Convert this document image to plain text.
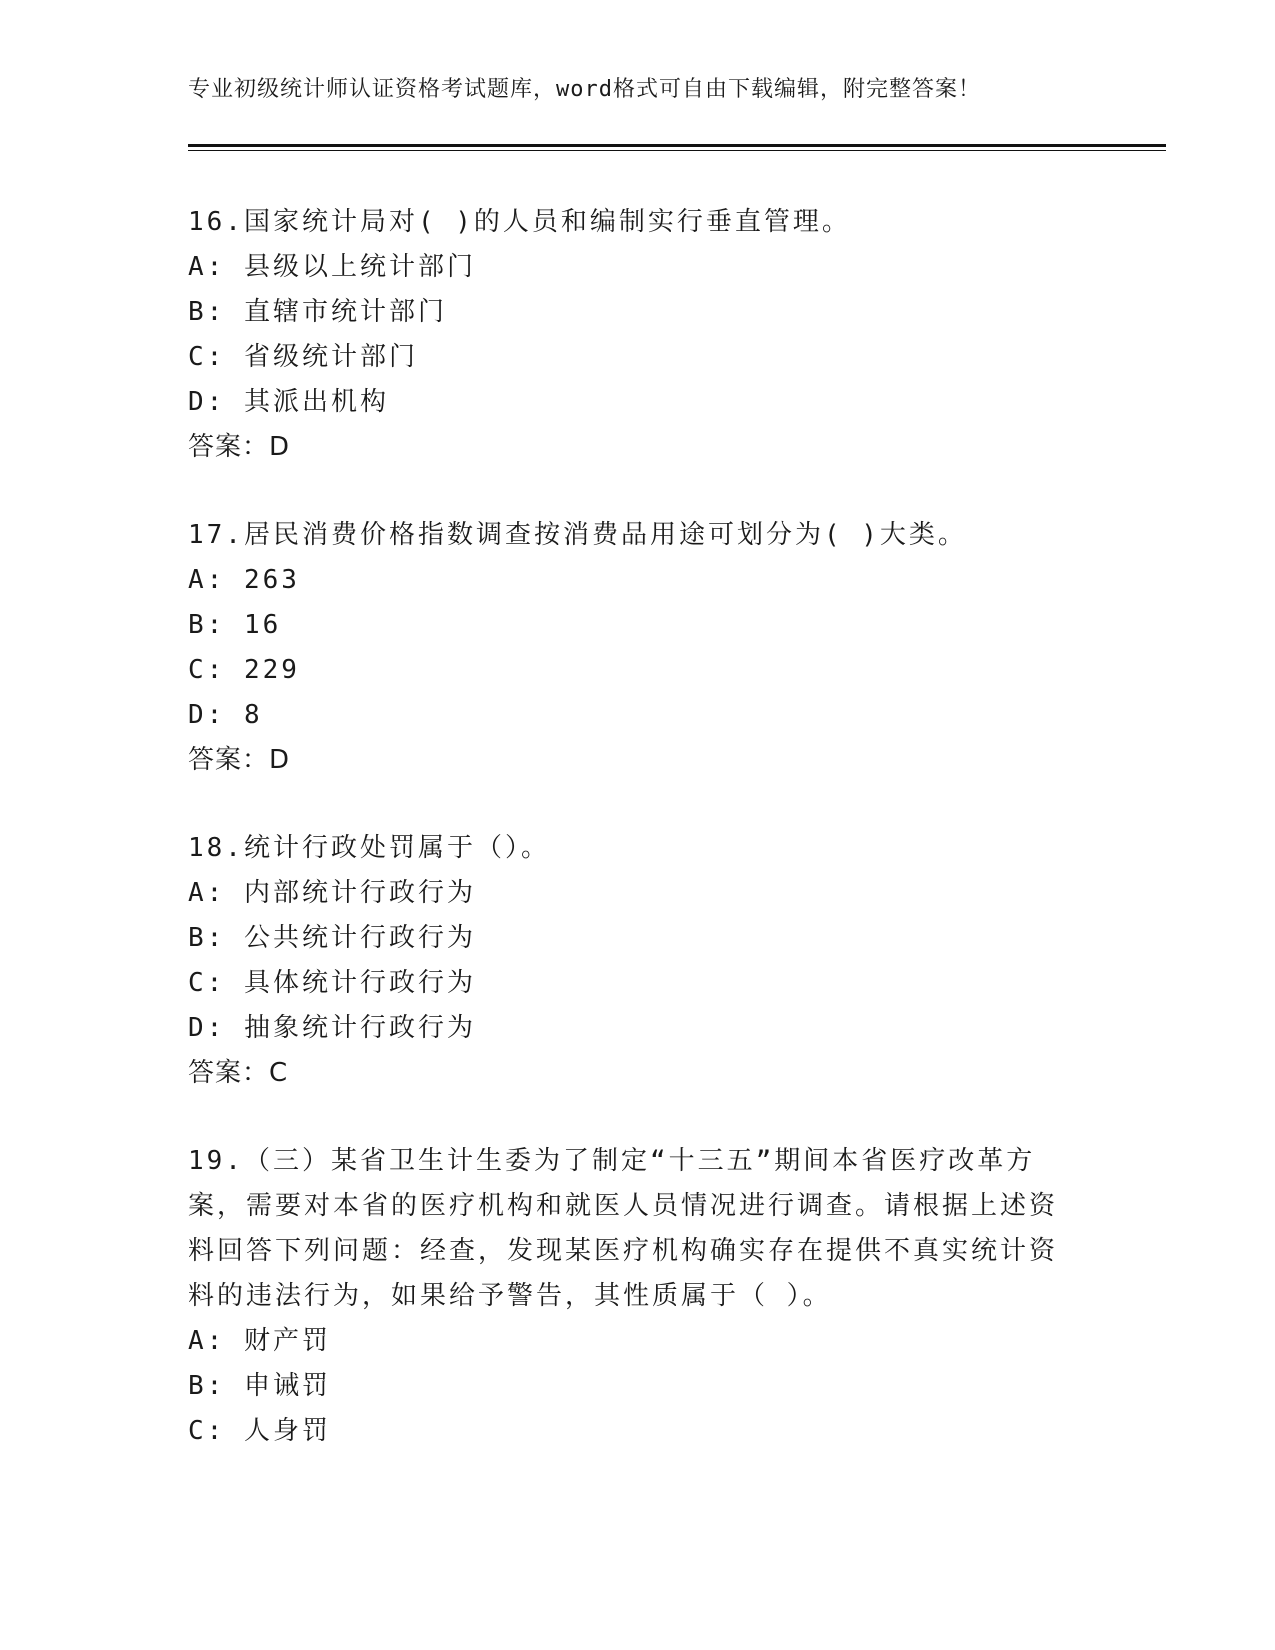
专业初级统计师认证资格考试题库，word格式可自由下载编辑，附完整答案！
16.国家统计局对( )的人员和编制实行垂直管理。
A: 县级以上统计部门
B: 直辖市统计部门
C: 省级统计部门
D: 其派出机构
答案：D
17.居民消费价格指数调查按消费品用途可划分为( )大类。
A: 263
B: 16
C: 229
D: 8
答案：D
18.统计行政处罚属于（）。
A: 内部统计行政行为
B: 公共统计行政行为
C: 具体统计行政行为
D: 抽象统计行政行为
答案：C
19.（三）某省卫生计生委为了制定“十三五”期间本省医疗改革方案，需要对本省的医疗机构和就医人员情况进行调查。请根据上述资料回答下列问题：经查，发现某医疗机构确实存在提供不真实统计资料的违法行为，如果给予警告，其性质属于（ ）。
A: 财产罚
B: 申诫罚
C: 人身罚
